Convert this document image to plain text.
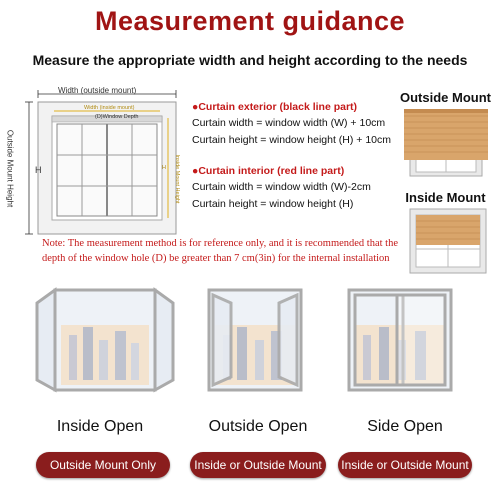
Measurement guidance
Measure the appropriate width and height according to the needs
Width (outside mount)
Width (inside mount)
(D)Window Depth
Outside Mount Height	Inside Mount Height
H	H
●Curtain exterior (black line part)
Curtain width = window width (W) + 10cm
Curtain height = window height (H) + 10cm
●Curtain interior (red line part)
Curtain width = window width (W)-2cm
Curtain height = window height (H)
Note: The measurement method is for reference only, and it is recommended that the depth of the window hole (D) be greater than 7 cm(3in) for the internal installation
Outside Mount
Inside Mount
Inside Open	Outside Open	Side Open
Outside Mount Only	Inside or Outside Mount	Inside or Outside Mount
